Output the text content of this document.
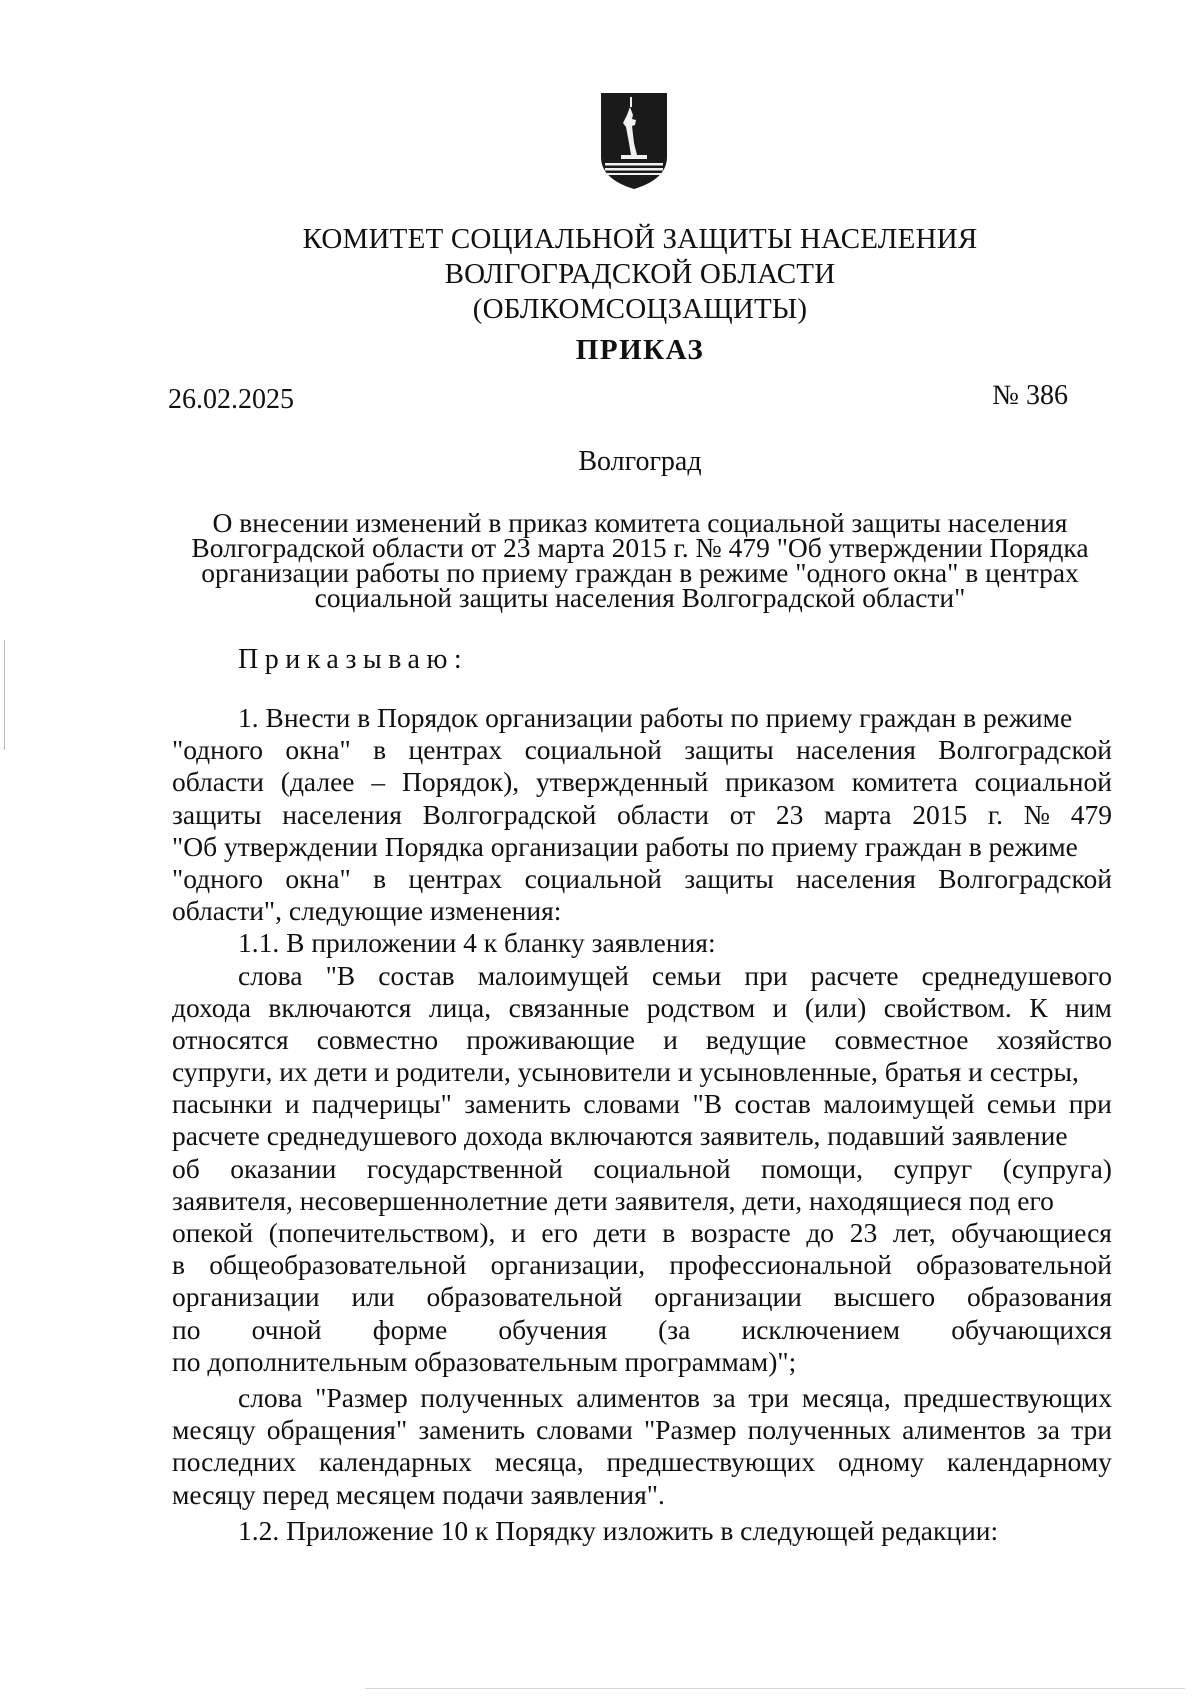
КОМИТЕТ СОЦИАЛЬНОЙ ЗАЩИТЫ НАСЕЛЕНИЯ
ВОЛГОГРАДСКОЙ ОБЛАСТИ
(ОБЛКОМСОЦЗАЩИТЫ)
ПРИКАЗ
26.02.2025	№ 386
Волгоград
О внесении изменений в приказ комитета социальной защиты населения
Волгоградской области от 23 марта 2015 г. № 479 "Об утверждении Порядка
организации работы по приему граждан в режиме "одного окна" в центрах
социальной защиты населения Волгоградской области"
Приказываю:
1. Внести в Порядок организации работы по приему граждан в режиме
"одного окна" в центрах социальной защиты населения Волгоградской
области (далее – Порядок), утвержденный приказом комитета социальной
защиты населения Волгоградской области от 23 марта 2015 г. № 479
"Об утверждении Порядка организации работы по приему граждан в режиме
"одного окна" в центрах социальной защиты населения Волгоградской
области", следующие изменения:
1.1. В приложении 4 к бланку заявления:
слова "В состав малоимущей семьи при расчете среднедушевого
дохода включаются лица, связанные родством и (или) свойством. К ним
относятся совместно проживающие и ведущие совместное хозяйство
супруги, их дети и родители, усыновители и усыновленные, братья и сестры,
пасынки и падчерицы" заменить словами "В состав малоимущей семьи при
расчете среднедушевого дохода включаются заявитель, подавший заявление
об оказании государственной социальной помощи, супруг (супруга)
заявителя, несовершеннолетние дети заявителя, дети, находящиеся под его
опекой (попечительством), и его дети в возрасте до 23 лет, обучающиеся
в общеобразовательной организации, профессиональной образовательной
организации или образовательной организации высшего образования
по очной форме обучения (за исключением обучающихся
по дополнительным образовательным программам)";
слова "Размер полученных алиментов за три месяца, предшествующих
месяцу обращения" заменить словами "Размер полученных алиментов за три
последних календарных месяца, предшествующих одному календарному
месяцу перед месяцем подачи заявления".
1.2. Приложение 10 к Порядку изложить в следующей редакции:
